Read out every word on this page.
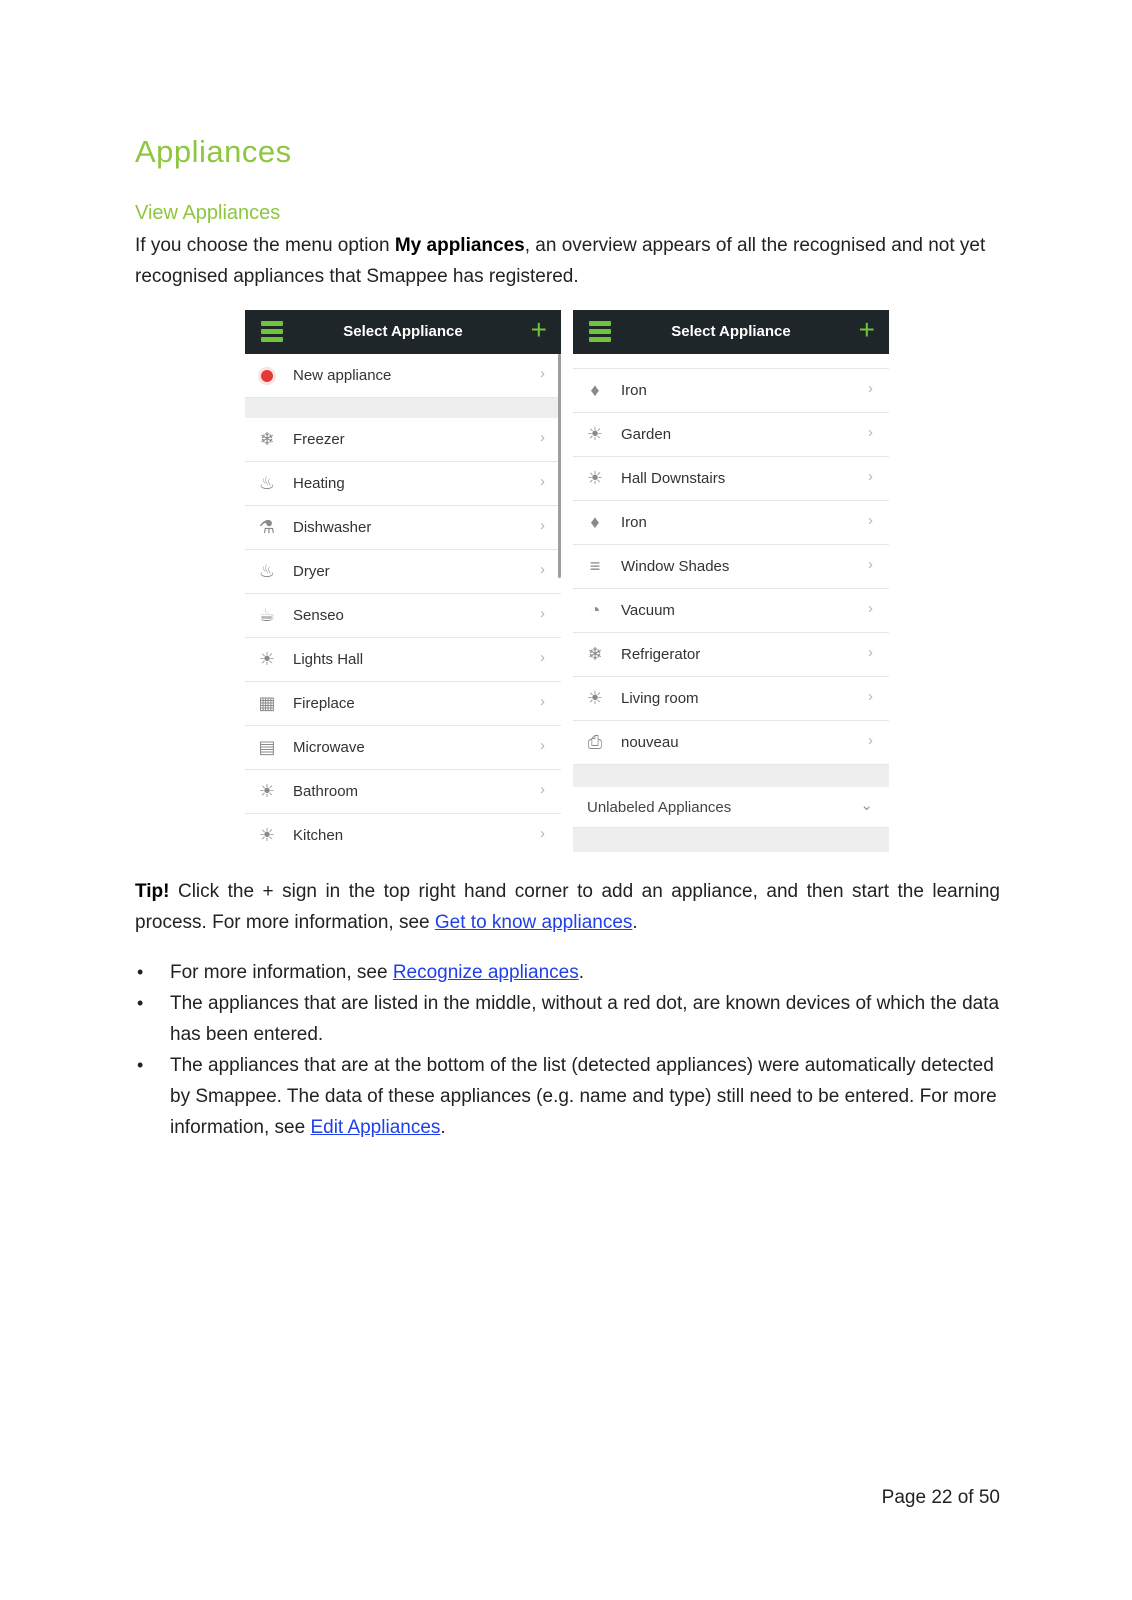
Appliances
View Appliances

If you choose the menu option My appliances, an overview appears of all the recognised and not yet recognised appliances that Smappee has registered.

Select Appliance	+
New appliance	›
❄ Freezer	›
♨ Heating	›
⚗ Dishwasher	›
♨ Dryer	›
☕ Senseo	›
☀ Lights Hall	›
▦ Fireplace	›
▤ Microwave	›
☀ Bathroom	›
☀ Kitchen	›
Select Appliance	+
♦	Iron	›
☀ Garden	›
☀ Hall Downstairs	›
♦	Iron	›
≡	Window Shades	›
◔	Vacuum	›
❄ Refrigerator	›
☀ Living room	›
⎙	nouveau	›
Unlabeled Appliances	⌄

Tip! Click the + sign in the top right hand corner to add an appliance, and then start the learning process. For more information, see Get to know appliances.

• For more information, see Recognize appliances.
• The appliances that are listed in the middle, without a red dot, are known devices of which the data has been entered.
• The appliances that are at the bottom of the list (detected appliances) were automatically detected by Smappee. The data of these appliances (e.g. name and type) still need to be entered. For more information, see Edit Appliances.
Page 22 of 50
